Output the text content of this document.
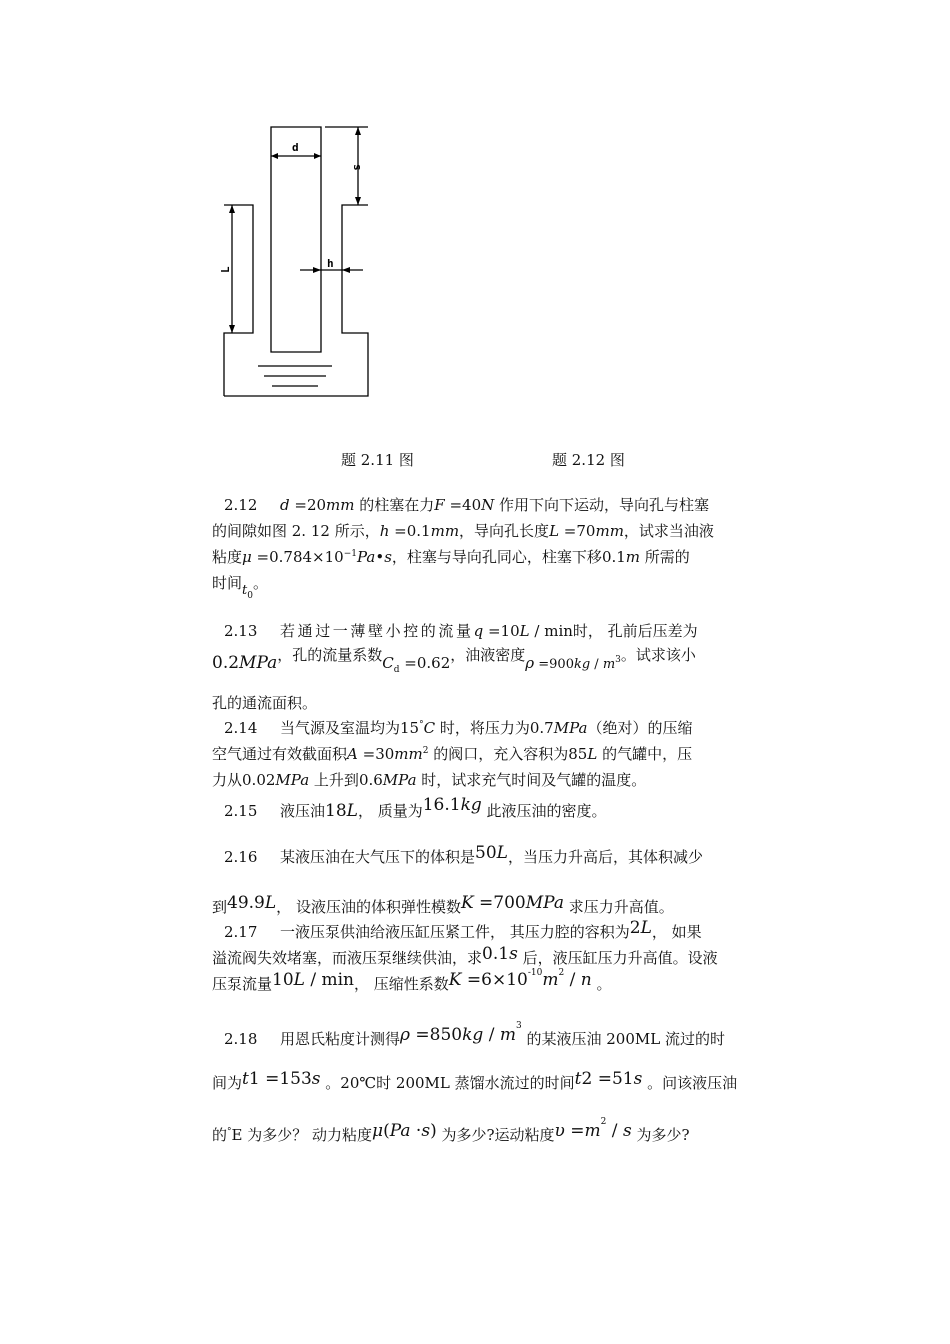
d
s
L	h
题 2.11 图	题 2.12 图
2.12 d =20mm 的柱塞在力F =40N 作用下向下运动，导向孔与柱塞
的间隙如图 2. 12 所示，h =0.1mm，导向孔长度L =70mm，试求当油液
粘度$\mu =0.784\times 10^{-1}Pa•s$，柱塞与导向孔同心，柱塞下移0.1m 所需的
时间$t_0$。
2.13 若通过一薄壁小控的流量q =10L / min时， 孔前后压差为
0.2MPa，孔的流量系数$C_d =0.62$，油液密度$\rho =900kg / m^3$。试求该小
孔的通流面积。
2.14 当气源及室温均为15°C 时，将压力为0.7MPa（绝对）的压缩
空气通过有效截面积$A =30mm^2$ 的阀口，充入容积为85L 的气罐中，压
力从0.02MPa 上升到0.6MPa 时，试求充气时间及气罐的温度。
2.15 液压油18L， 质量为16.1kg 此液压油的密度。
2.16 某液压油在大气压下的体积是50L，当压力升高后，其体积减少
到49.9L， 设液压油的体积弹性模数K =700MPa 求压力升高值。
2.17 一液压泵供油给液压缸压紧工件， 其压力腔的容积为2L， 如果
溢流阀失效堵塞，而液压泵继续供油，求0.1s 后，液压缸压力升高值。设液
压泵流量10L / min， 压缩性系数$K =6\times 10^{-10}m^2 / n$ 。
2.18 用恩氏粘度计测得$\rho =850kg / m^3$ 的某液压油 200ML 流过的时
间为t1 =153s 。20℃时 200ML 蒸馏水流过的时间t2 =51s 。问该液压油
的°E 为多少？ 动力粘度μ(Pa ·s) 为多少?运动粘度$\upsilon =m^2 / s$ 为多少?
